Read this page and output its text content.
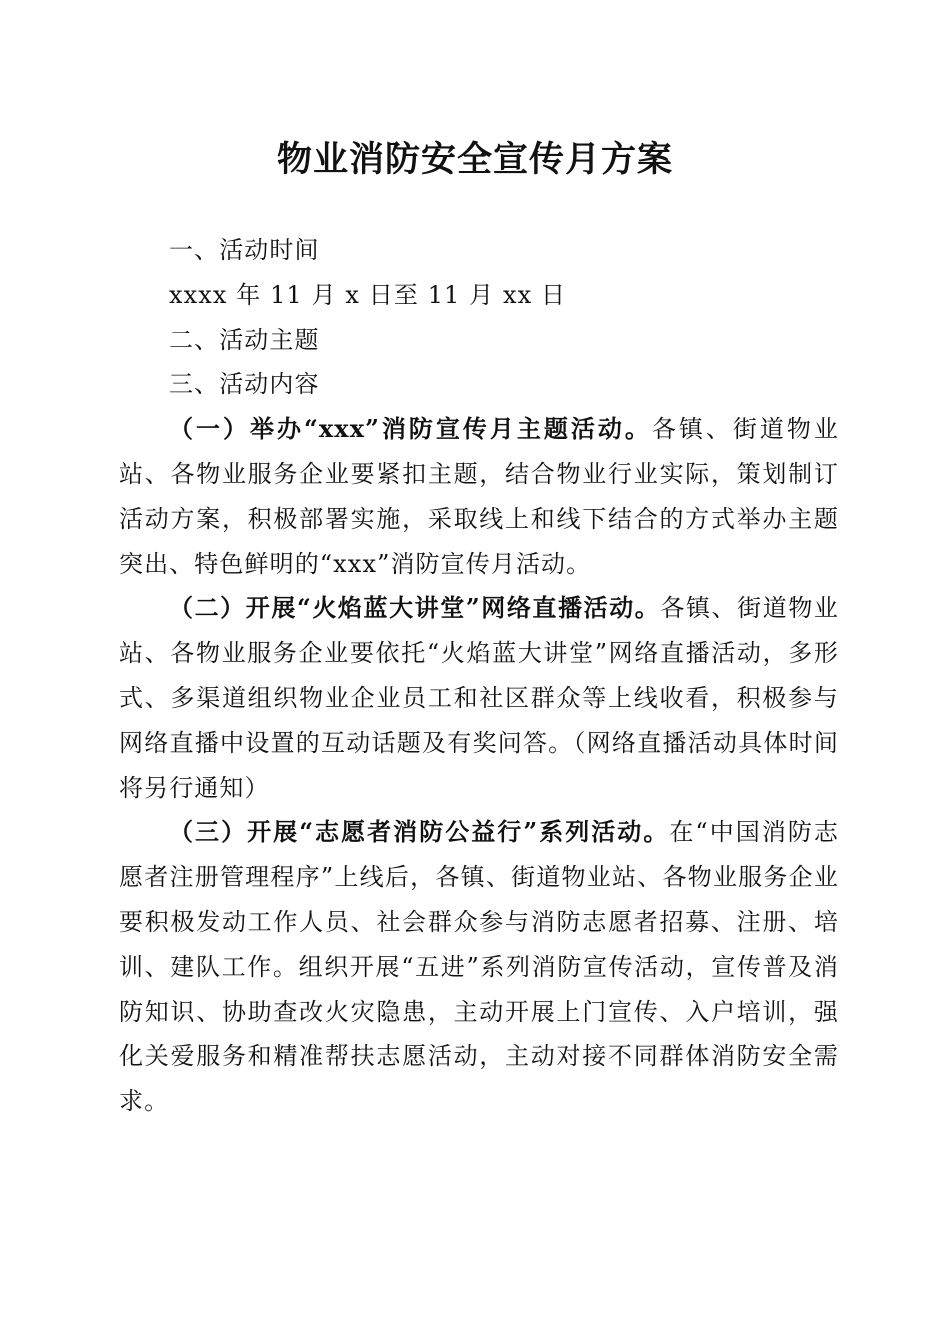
物业消防安全宣传月方案

一、活动时间

xxxx 年 11 月 x 日至 11 月 xx 日

二、活动主题

三、活动内容

（一）举办“xxx”消防宣传月主题活动。各镇、街道物业站、各物业服务企业要紧扣主题，结合物业行业实际，策划制订活动方案，积极部署实施，采取线上和线下结合的方式举办主题突出、特色鲜明的“xxx”消防宣传月活动。

（二）开展“火焰蓝大讲堂”网络直播活动。各镇、街道物业站、各物业服务企业要依托“火焰蓝大讲堂”网络直播活动，多形式、多渠道组织物业企业员工和社区群众等上线收看，积极参与网络直播中设置的互动话题及有奖问答。（网络直播活动具体时间将另行通知）

（三）开展“志愿者消防公益行”系列活动。在“中国消防志愿者注册管理程序”上线后，各镇、街道物业站、各物业服务企业要积极发动工作人员、社会群众参与消防志愿者招募、注册、培训、建队工作。组织开展“五进”系列消防宣传活动，宣传普及消防知识、协助查改火灾隐患，主动开展上门宣传、入户培训，强化关爱服务和精准帮扶志愿活动，主动对接不同群体消防安全需求。
